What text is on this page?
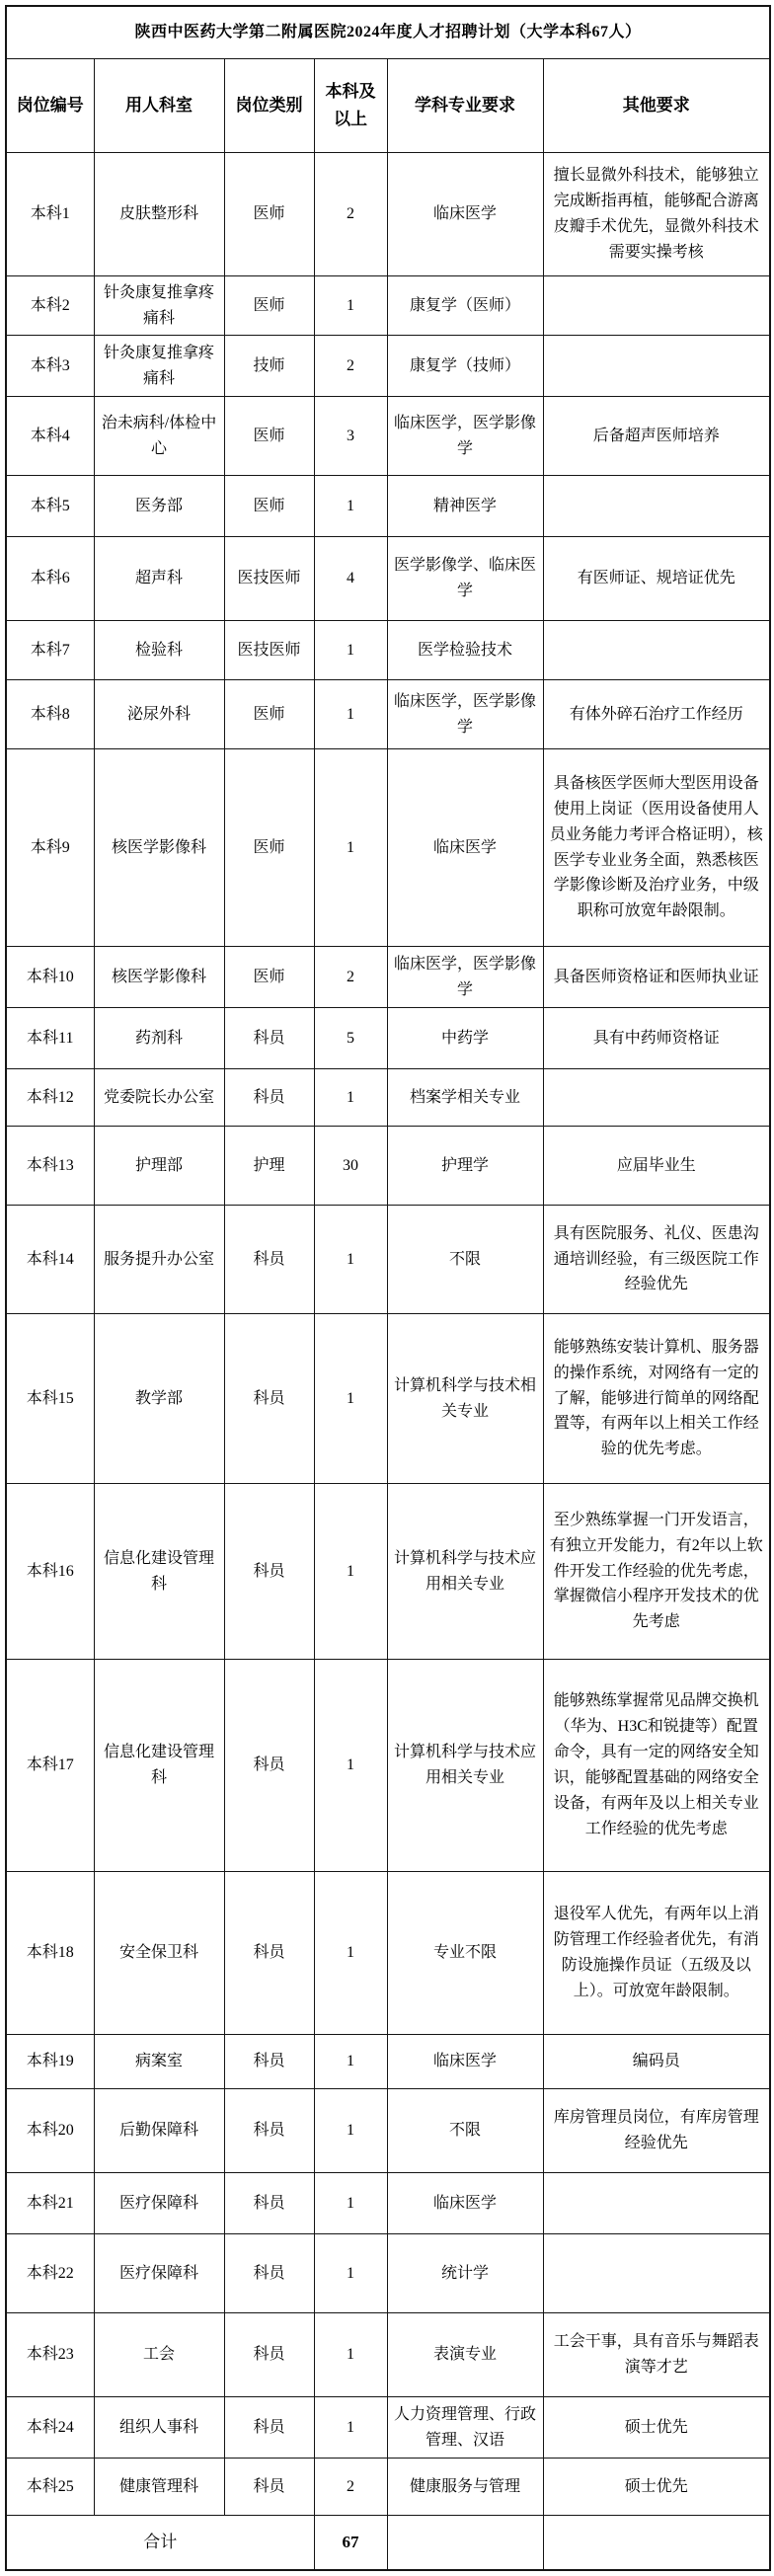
陕西中医药大学第二附属医院2024年度人才招聘计划（大学本科67人）					
岗位编号	用人科室	岗位类别	本科及以上	学科专业要求	其他要求
本科1	皮肤整形科	医师	2	临床医学	擅长显微外科技术，能够独立完成断指再植，能够配合游离皮瓣手术优先，显微外科技术需要实操考核
本科2	针灸康复推拿疼痛科	医师	1	康复学（医师）	
本科3	针灸康复推拿疼痛科	技师	2	康复学（技师）	
本科4	治未病科/体检中心	医师	3	临床医学，医学影像学	后备超声医师培养
本科5	医务部	医师	1	精神医学	
本科6	超声科	医技医师	4	医学影像学、临床医学	有医师证、规培证优先
本科7	检验科	医技医师	1	医学检验技术	
本科8	泌尿外科	医师	1	临床医学，医学影像学	有体外碎石治疗工作经历
本科9	核医学影像科	医师	1	临床医学	具备核医学医师大型医用设备使用上岗证（医用设备使用人员业务能力考评合格证明），核医学专业业务全面，熟悉核医学影像诊断及治疗业务，中级职称可放宽年龄限制。
本科10	核医学影像科	医师	2	临床医学，医学影像学	具备医师资格证和医师执业证
本科11	药剂科	科员	5	中药学	具有中药师资格证
本科12	党委院长办公室	科员	1	档案学相关专业	
本科13	护理部	护理	30	护理学	应届毕业生
本科14	服务提升办公室	科员	1	不限	具有医院服务、礼仪、医患沟通培训经验，有三级医院工作经验优先
本科15	教学部	科员	1	计算机科学与技术相关专业	能够熟练安装计算机、服务器的操作系统，对网络有一定的了解，能够进行简单的网络配置等，有两年以上相关工作经验的优先考虑。
本科16	信息化建设管理科	科员	1	计算机科学与技术应用相关专业	至少熟练掌握一门开发语言，有独立开发能力，有2年以上软件开发工作经验的优先考虑，掌握微信小程序开发技术的优先考虑
本科17	信息化建设管理科	科员	1	计算机科学与技术应用相关专业	能够熟练掌握常见品牌交换机（华为、H3C和锐捷等）配置命令，具有一定的网络安全知识，能够配置基础的网络安全设备，有两年及以上相关专业工作经验的优先考虑
本科18	安全保卫科	科员	1	专业不限	退役军人优先，有两年以上消防管理工作经验者优先，有消防设施操作员证（五级及以上）。可放宽年龄限制。
本科19	病案室	科员	1	临床医学	编码员
本科20	后勤保障科	科员	1	不限	库房管理员岗位，有库房管理经验优先
本科21	医疗保障科	科员	1	临床医学	
本科22	医疗保障科	科员	1	统计学	
本科23	工会	科员	1	表演专业	工会干事，具有音乐与舞蹈表演等才艺
本科24	组织人事科	科员	1	人力资理管理、行政管理、汉语	硕士优先
本科25	健康管理科	科员	2	健康服务与管理	硕士优先
合计			67		
